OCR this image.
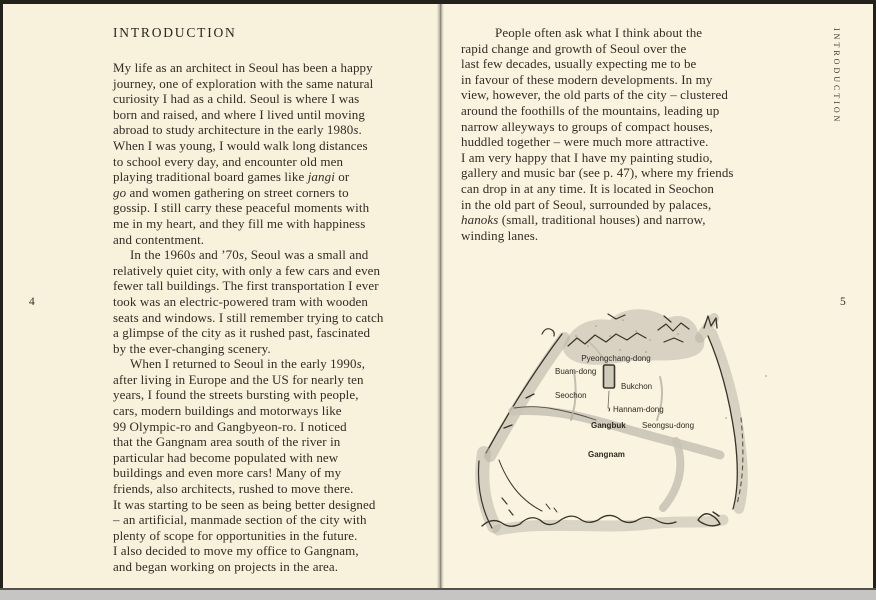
INTRODUCTION
My life as an architect in Seoul has been a happy
journey, one of exploration with the same natural
curiosity I had as a child. Seoul is where I was
born and raised, and where I lived until moving
abroad to study architecture in the early 1980s.
When I was young, I would walk long distances
to school every day, and encounter old men
playing traditional board games like jangi or
go and women gathering on street corners to
gossip. I still carry these peaceful moments with
me in my heart, and they fill me with happiness
and contentment.
In the 1960s and ’70s, Seoul was a small and
relatively quiet city, with only a few cars and even
fewer tall buildings. The first transportation I ever
took was an electric-powered tram with wooden
seats and windows. I still remember trying to catch
a glimpse of the city as it rushed past, fascinated
by the ever-changing scenery.
When I returned to Seoul in the early 1990s,
after living in Europe and the US for nearly ten
years, I found the streets bursting with people,
cars, modern buildings and motorways like
99 Olympic-ro and Gangbyeon-ro. I noticed
that the Gangnam area south of the river in
particular had become populated with new
buildings and even more cars! Many of my
friends, also architects, rushed to move there.
It was starting to be seen as being better designed
– an artificial, manmade section of the city with
plenty of scope for opportunities in the future.
I also decided to move my office to Gangnam,
and began working on projects in the area.
4
People often ask what I think about the
rapid change and growth of Seoul over the
last few decades, usually expecting me to be
in favour of these modern developments. In my
view, however, the old parts of the city – clustered
around the foothills of the mountains, leading up
narrow alleyways to groups of compact houses,
huddled together – were much more attractive.
I am very happy that I have my painting studio,
gallery and music bar (see p. 47), where my friends
can drop in at any time. It is located in Seochon
in the old part of Seoul, surrounded by palaces,
hanoks (small, traditional houses) and narrow,
winding lanes.
INTRODUCTION
5
Pyeongchang-dong
Buam-dong
Bukchon
Seochon
Hannam-dong
Gangbuk Seongsu-dong
Gangnam
